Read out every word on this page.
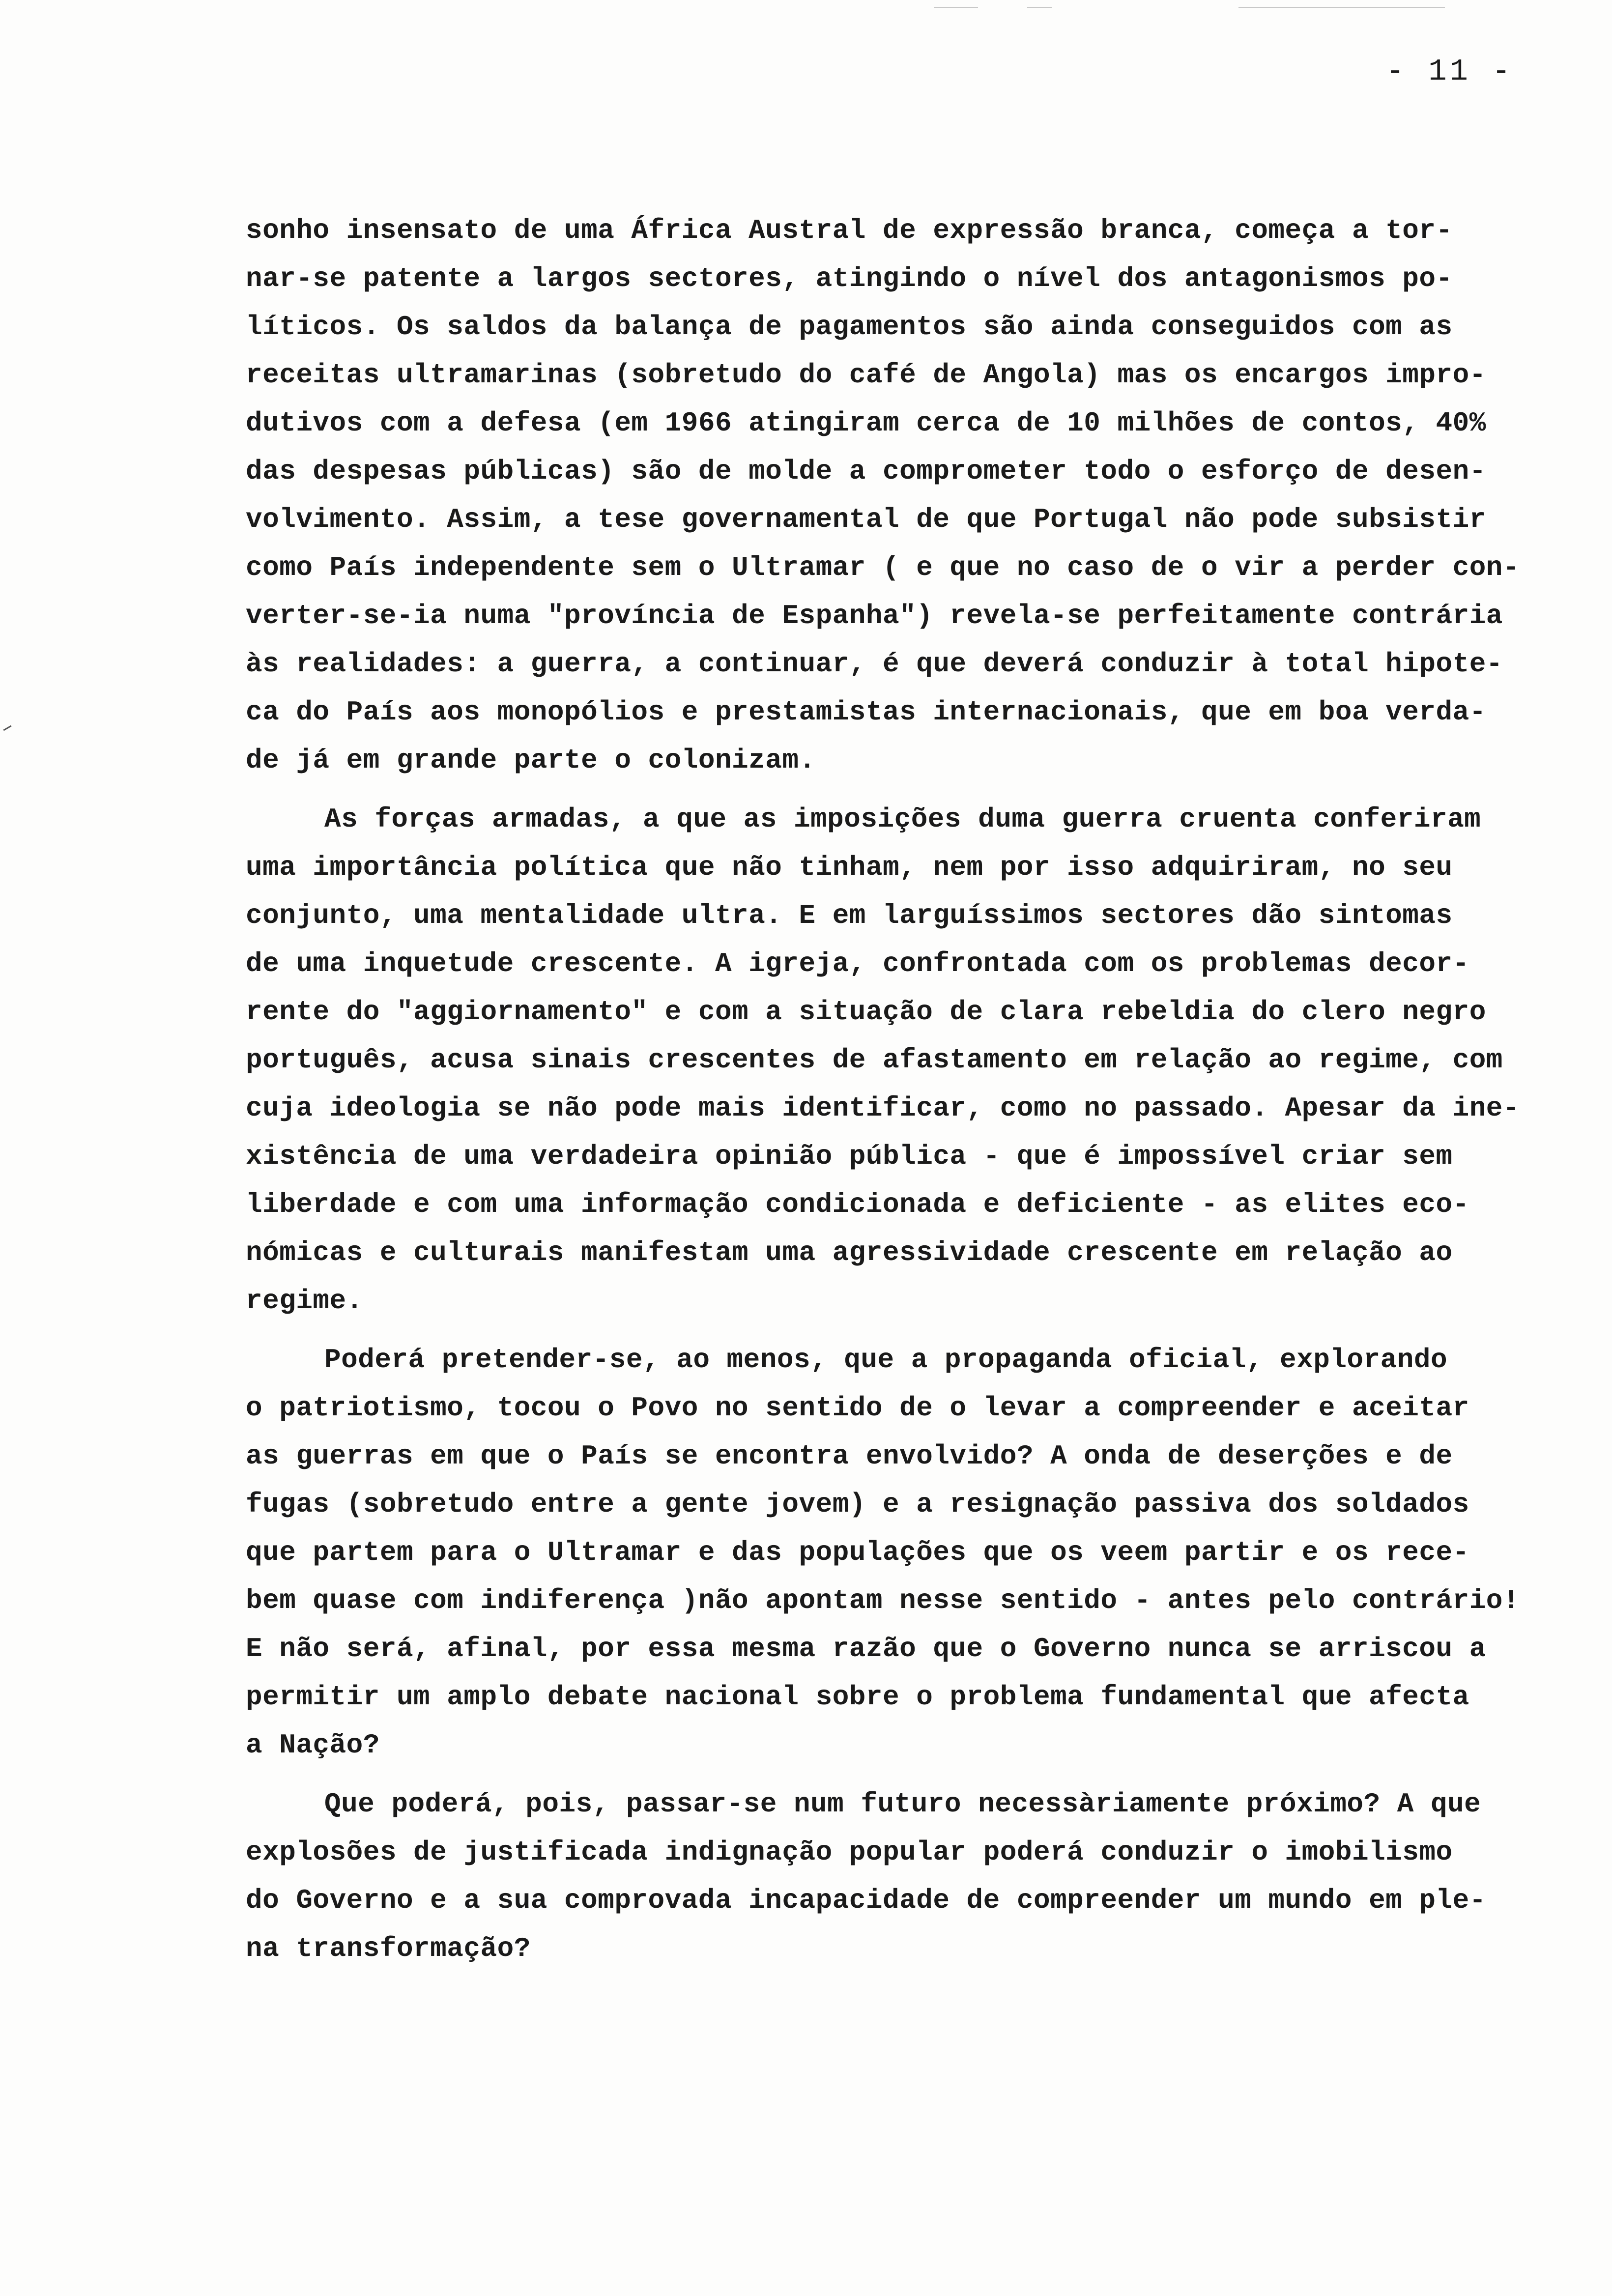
- 11 -
sonho insensato de uma África Austral de expressão branca, começa a tor-
nar-se patente a largos sectores, atingindo o nível dos antagonismos po-
líticos. Os saldos da balança de pagamentos são ainda conseguidos com as
receitas ultramarinas (sobretudo do café de Angola) mas os encargos impro-
dutivos com a defesa (em 1966 atingiram cerca de 10 milhões de contos, 40%
das despesas públicas) são de molde a comprometer todo o esforço de desen-
volvimento. Assim, a tese governamental de que Portugal não pode subsistir
como País independente sem o Ultramar ( e que no caso de o vir a perder con-
verter-se-ia numa "província de Espanha") revela-se perfeitamente contrária
às realidades: a guerra, a continuar, é que deverá conduzir à total hipote-
ca do País aos monopólios e prestamistas internacionais, que em boa verda-
de já em grande parte o colonizam.
As forças armadas, a que as imposições duma guerra cruenta conferiram
uma importância política que não tinham, nem por isso adquiriram, no seu
conjunto, uma mentalidade ultra. E em larguíssimos sectores dão sintomas
de uma inquetude crescente. A igreja, confrontada com os problemas decor-
rente do "aggiornamento" e com a situação de clara rebeldia do clero negro
português, acusa sinais crescentes de afastamento em relação ao regime, com
cuja ideologia se não pode mais identificar, como no passado. Apesar da ine-
xistência de uma verdadeira opinião pública - que é impossível criar sem
liberdade e com uma informação condicionada e deficiente - as elites eco-
nómicas e culturais manifestam uma agressividade crescente em relação ao
regime.
Poderá pretender-se, ao menos, que a propaganda oficial, explorando
o patriotismo, tocou o Povo no sentido de o levar a compreender e aceitar
as guerras em que o País se encontra envolvido? A onda de deserções e de
fugas (sobretudo entre a gente jovem) e a resignação passiva dos soldados
que partem para o Ultramar e das populações que os veem partir e os rece-
bem quase com indiferença )não apontam nesse sentido - antes pelo contrário!
E não será, afinal, por essa mesma razão que o Governo nunca se arriscou a
permitir um amplo debate nacional sobre o problema fundamental que afecta
a Nação?
Que poderá, pois, passar-se num futuro necessàriamente próximo? A que
explosões de justificada indignação popular poderá conduzir o imobilismo
do Governo e a sua comprovada incapacidade de compreender um mundo em ple-
na transformação?
